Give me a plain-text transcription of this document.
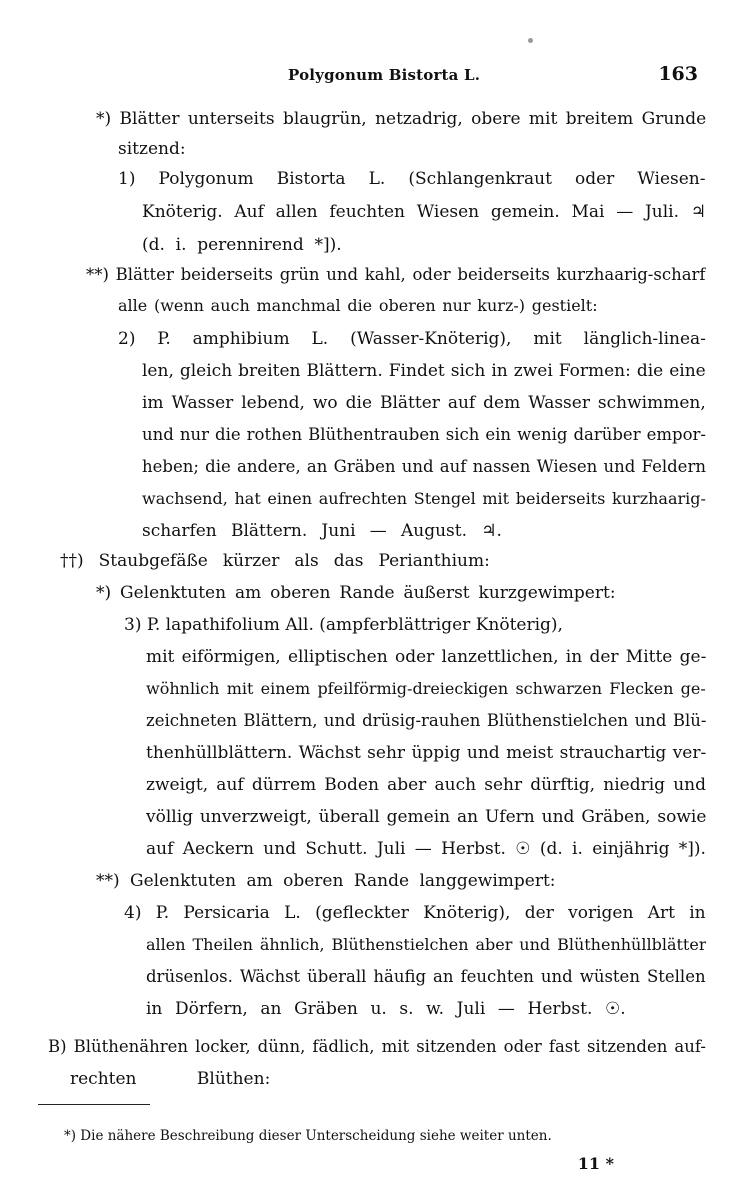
Polygonum Bistorta L.	163
*) Blätter unterseits blaugrün, netzadrig, obere mit breitem Grunde
sitzend:
1) Polygonum Bistorta L. (Schlangenkraut oder Wiesen-
Knöterig. Auf allen feuchten Wiesen gemein. Mai — Juli. ♃
(d. i. perennirend *]).
**) Blätter beiderseits grün und kahl, oder beiderseits kurzhaarig-scharf
alle (wenn auch manchmal die oberen nur kurz-) gestielt:
2) P. amphibium L. (Wasser-Knöterig), mit länglich-linea-
len, gleich breiten Blättern. Findet sich in zwei Formen: die eine
im Wasser lebend, wo die Blätter auf dem Wasser schwimmen,
und nur die rothen Blüthentrauben sich ein wenig darüber empor-
heben; die andere, an Gräben und auf nassen Wiesen und Feldern
wachsend, hat einen aufrechten Stengel mit beiderseits kurzhaarig-
scharfen Blättern. Juni — August. ♃.
††) Staubgefäße kürzer als das Perianthium:
*) Gelenktuten am oberen Rande äußerst kurzgewimpert:
3) P. lapathifolium All. (ampferblättriger Knöterig),
mit eiförmigen, elliptischen oder lanzettlichen, in der Mitte ge-
wöhnlich mit einem pfeilförmig-dreieckigen schwarzen Flecken ge-
zeichneten Blättern, und drüsig-rauhen Blüthenstielchen und Blü-
thenhüllblättern. Wächst sehr üppig und meist strauchartig ver-
zweigt, auf dürrem Boden aber auch sehr dürftig, niedrig und
völlig unverzweigt, überall gemein an Ufern und Gräben, sowie
auf Aeckern und Schutt. Juli — Herbst. ☉ (d. i. einjährig *]).
**) Gelenktuten am oberen Rande langgewimpert:
4) P. Persicaria L. (gefleckter Knöterig), der vorigen Art in
allen Theilen ähnlich, Blüthenstielchen aber und Blüthenhüllblätter
drüsenlos. Wächst überall häufig an feuchten und wüsten Stellen
in Dörfern, an Gräben u. s. w. Juli — Herbst. ☉.
B) Blüthenähren locker, dünn, fädlich, mit sitzenden oder fast sitzenden auf-
rechten Blüthen:
*) Die nähere Beschreibung dieser Unterscheidung siehe weiter unten.
11 *
